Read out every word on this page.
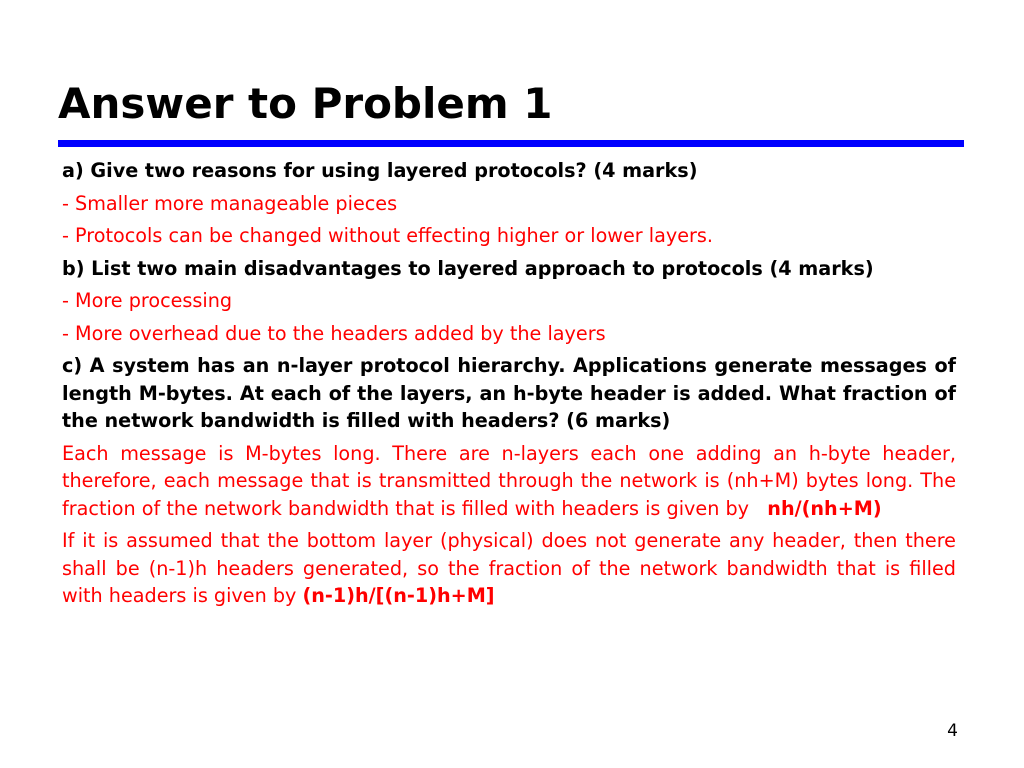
Answer to Problem 1

a) Give two reasons for using layered protocols? (4 marks)

- Smaller more manageable pieces

- Protocols can be changed without effecting higher or lower layers.

b) List two main disadvantages to layered approach to protocols (4 marks)

- More processing

- More overhead due to the headers added by the layers

c) A system has an n-layer protocol hierarchy. Applications generate messages of length M-bytes. At each of the layers, an h-byte header is added. What fraction of the network bandwidth is filled with headers? (6 marks)

Each message is M-bytes long. There are n-layers each one adding an h-byte header, therefore, each message that is transmitted through the network is (nh+M) bytes long. The fraction of the network bandwidth that is filled with headers is given by   nh/(nh+M)

If it is assumed that the bottom layer (physical) does not generate any header, then there shall be (n-1)h headers generated, so the fraction of the network bandwidth that is filled with headers is given by (n-1)h/[(n-1)h+M]

4
